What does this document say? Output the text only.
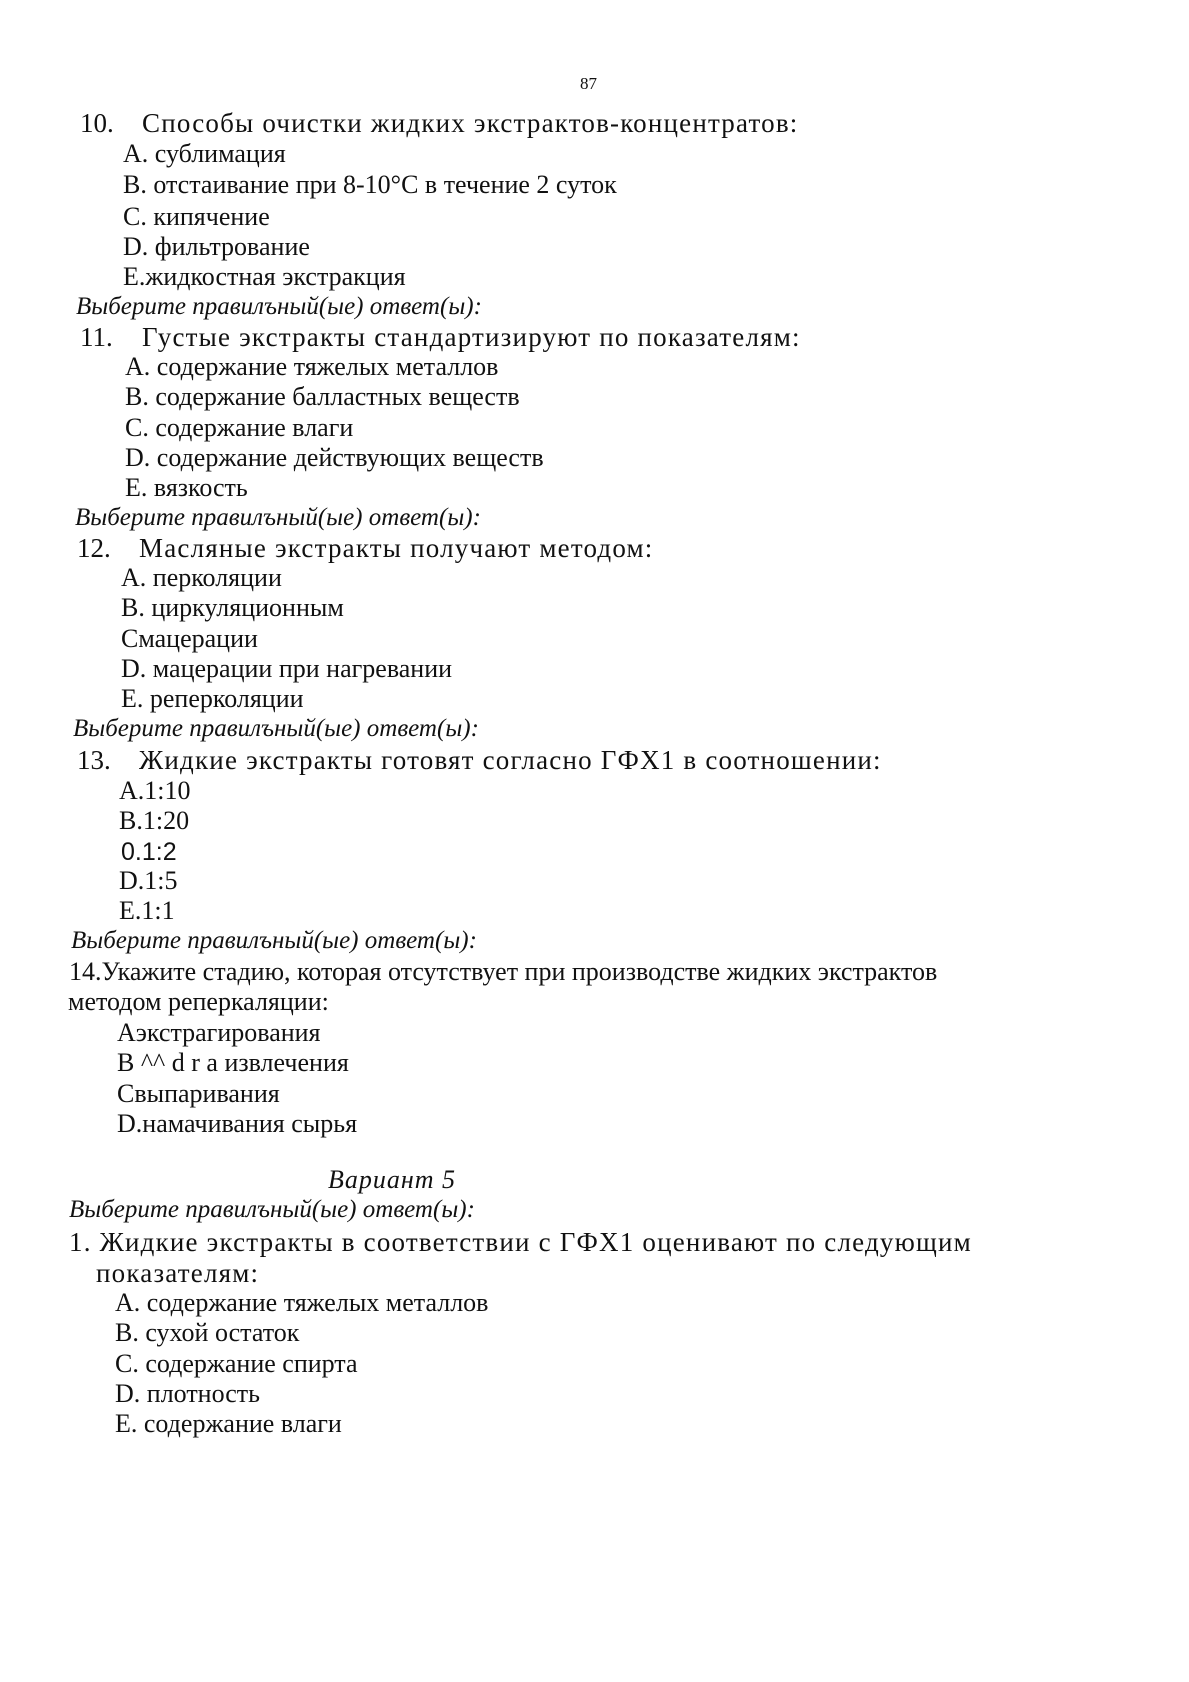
87
10. Способы очистки жидких экстрактов-концентратов:
A. сублимация
B. отстаивание при 8-10°С в течение 2 суток
C. кипячение
D. фильтрование
E.жидкостная экстракция
Выберите правилъный(ые) ответ(ы):
11. Густые экстракты стандартизируют по показателям:
A. содержание тяжелых металлов
B. содержание балластных веществ
C. содержание влаги
D. содержание действующих веществ
E. вязкость
Выберите правилъный(ые) ответ(ы):
12. Масляные экстракты получают методом:
A. перколяции
B. циркуляционным
Смацерации
D. мацерации при нагревании
E. реперколяции
Выберите правилъный(ые) ответ(ы):
13. Жидкие экстракты готовят согласно ГФХ1 в соотношении:
A.1:10
B.1:20
0.1:2
D.1:5
E.1:1
Выберите правилъный(ые) ответ(ы):
14.Укажите стадию, которая отсутствует при производстве жидких экстрактов
методом реперкаляции:
Аэкстрагирования
B ^^ d r a извлечения
Свыпаривания
D.намачивания сырья
Вариант 5
Выберите правилъный(ые) ответ(ы):
1. Жидкие экстракты в соответствии с ГФХ1 оценивают по следующим
показателям:
A. содержание тяжелых металлов
B. сухой остаток
C. содержание спирта
D. плотность
E. содержание влаги
